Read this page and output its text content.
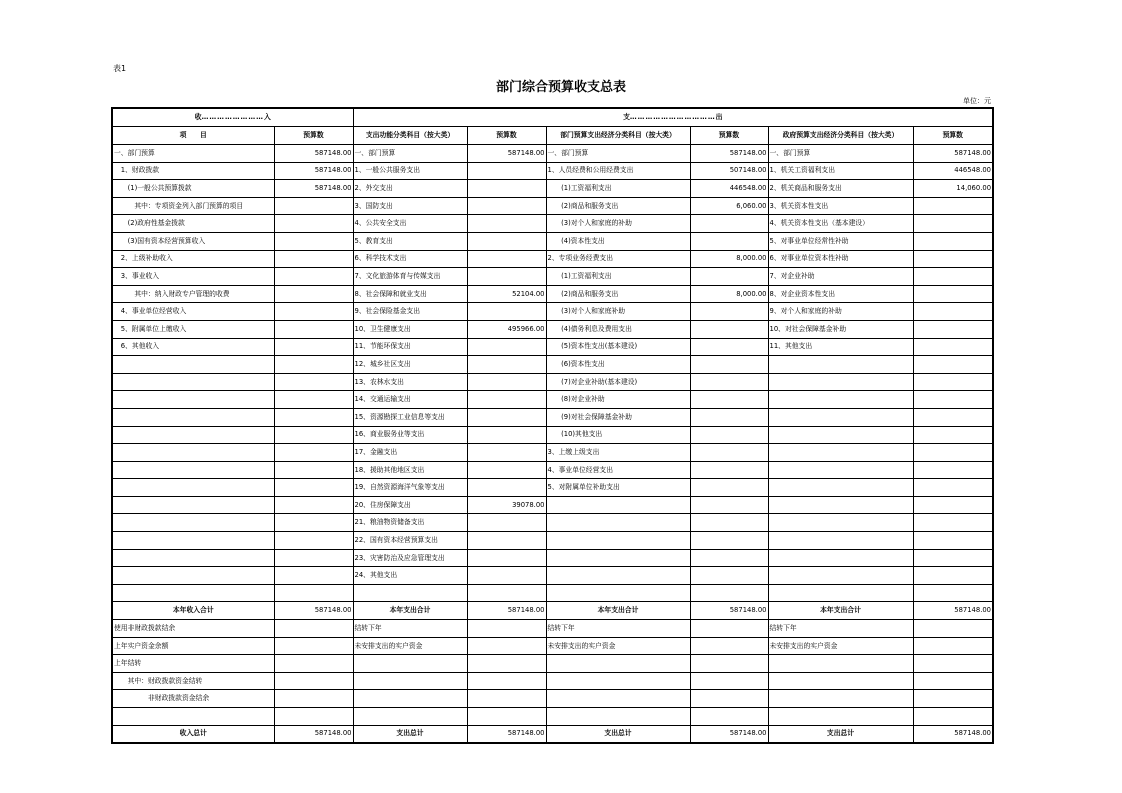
表1
部门综合预算收支总表
单位：元
收……………………入		支……………………………出					
项　　目	预算数	支出功能分类科目（按大类）	预算数	部门预算支出经济分类科目（按大类）	预算数	政府预算支出经济分类科目（按大类）	预算数
一、部门预算	587148.00	一、部门预算	587148.00	一、部门预算	587148.00	一、部门预算	587148.00
　1、财政拨款	587148.00	1、一般公共服务支出		1、人员经费和公用经费支出	507148.00	1、机关工资福利支出	446548.00
　　(1)一般公共预算拨款	587148.00	2、外交支出		　　(1)工资福利支出	446548.00	2、机关商品和服务支出	14,060.00
　　　其中：专项资金列入部门预算的项目		3、国防支出		　　(2)商品和服务支出	6,060.00	3、机关资本性支出	
　　(2)政府性基金拨款		4、公共安全支出		　　(3)对个人和家庭的补助		4、机关资本性支出（基本建设）	
　　(3)国有资本经营预算收入		5、教育支出		　　(4)资本性支出		5、对事业单位经常性补助	
　2、上级补助收入		6、科学技术支出		2、专项业务经费支出	8,000.00	6、对事业单位资本性补助	
　3、事业收入		7、文化旅游体育与传媒支出		　　(1)工资福利支出		7、对企业补助	
　　　其中：纳入财政专户管理的收费		8、社会保障和就业支出	52104.00	　　(2)商品和服务支出	8,000.00	8、对企业资本性支出	
　4、事业单位经营收入		9、社会保险基金支出		　　(3)对个人和家庭补助		9、对个人和家庭的补助	
　5、附属单位上缴收入		10、卫生健康支出	495966.00	　　(4)债务利息及费用支出		10、对社会保障基金补助	
　6、其他收入		11、节能环保支出		　　(5)资本性支出(基本建设)		11、其他支出	
		12、城乡社区支出		　　(6)资本性支出			
		13、农林水支出		　　(7)对企业补助(基本建设)			
		14、交通运输支出		　　(8)对企业补助			
		15、资源勘探工业信息等支出		　　(9)对社会保障基金补助			
		16、商业服务业等支出		　　(10)其他支出			
		17、金融支出		3、上缴上级支出			
		18、援助其他地区支出		4、事业单位经营支出			
		19、自然资源海洋气象等支出		5、对附属单位补助支出			
		20、住房保障支出	39078.00				
		21、粮油物资储备支出					
		22、国有资本经营预算支出					
		23、灾害防治及应急管理支出					
		24、其他支出					

本年收入合计	587148.00	本年支出合计	587148.00	本年支出合计	587148.00	本年支出合计	587148.00
使用非财政拨款结余		结转下年		结转下年		结转下年	
上年实户资金余额		未安排支出的实户资金		未安排支出的实户资金		未安排支出的实户资金	
上年结转							
　　其中：财政拨款资金结转							
　　　　　非财政拨款资金结余							

收入总计	587148.00	支出总计	587148.00	支出总计	587148.00	支出总计	587148.00
